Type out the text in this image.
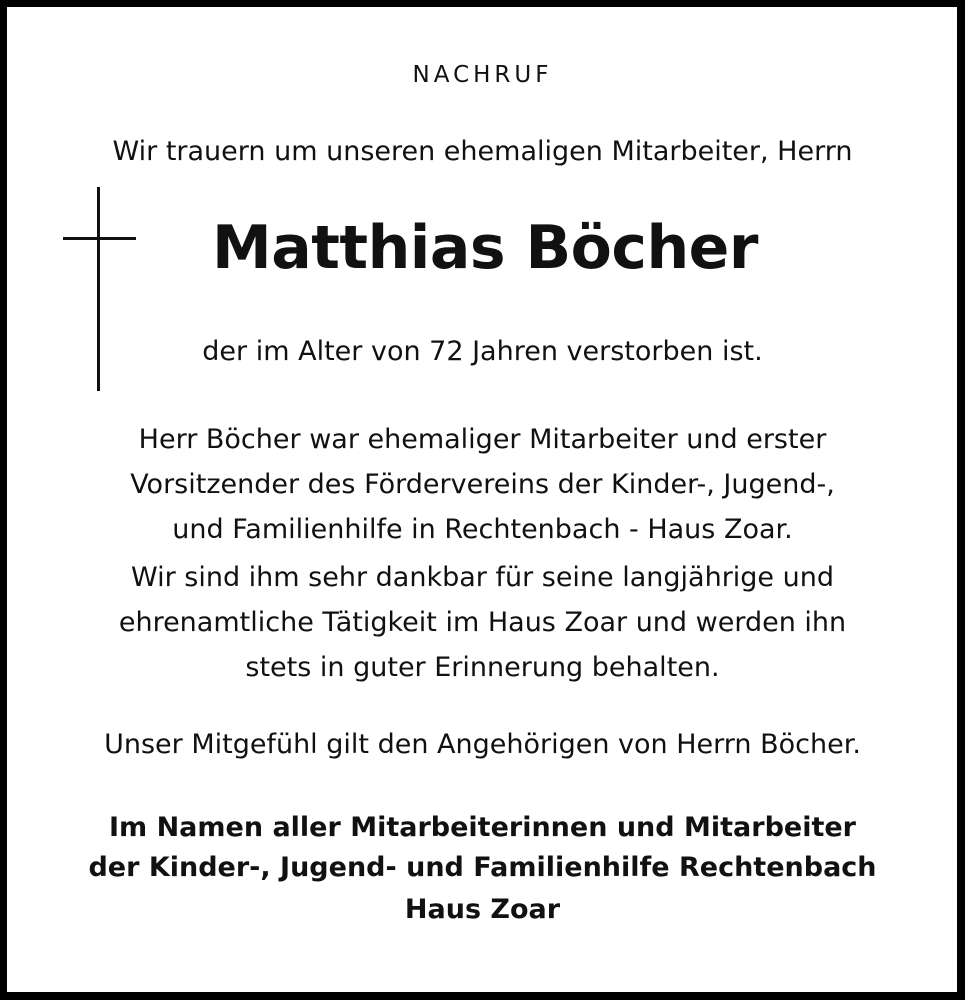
NACHRUF
Wir trauern um unseren ehemaligen Mitarbeiter, Herrn
Matthias Böcher
der im Alter von 72 Jahren verstorben ist.
Herr Böcher war ehemaliger Mitarbeiter und erster
Vorsitzender des Fördervereins der Kinder-, Jugend-,
und Familienhilfe in Rechtenbach - Haus Zoar.
Wir sind ihm sehr dankbar für seine langjährige und
ehrenamtliche Tätigkeit im Haus Zoar und werden ihn
stets in guter Erinnerung behalten.
Unser Mitgefühl gilt den Angehörigen von Herrn Böcher.
Im Namen aller Mitarbeiterinnen und Mitarbeiter
der Kinder-, Jugend- und Familienhilfe Rechtenbach
Haus Zoar
